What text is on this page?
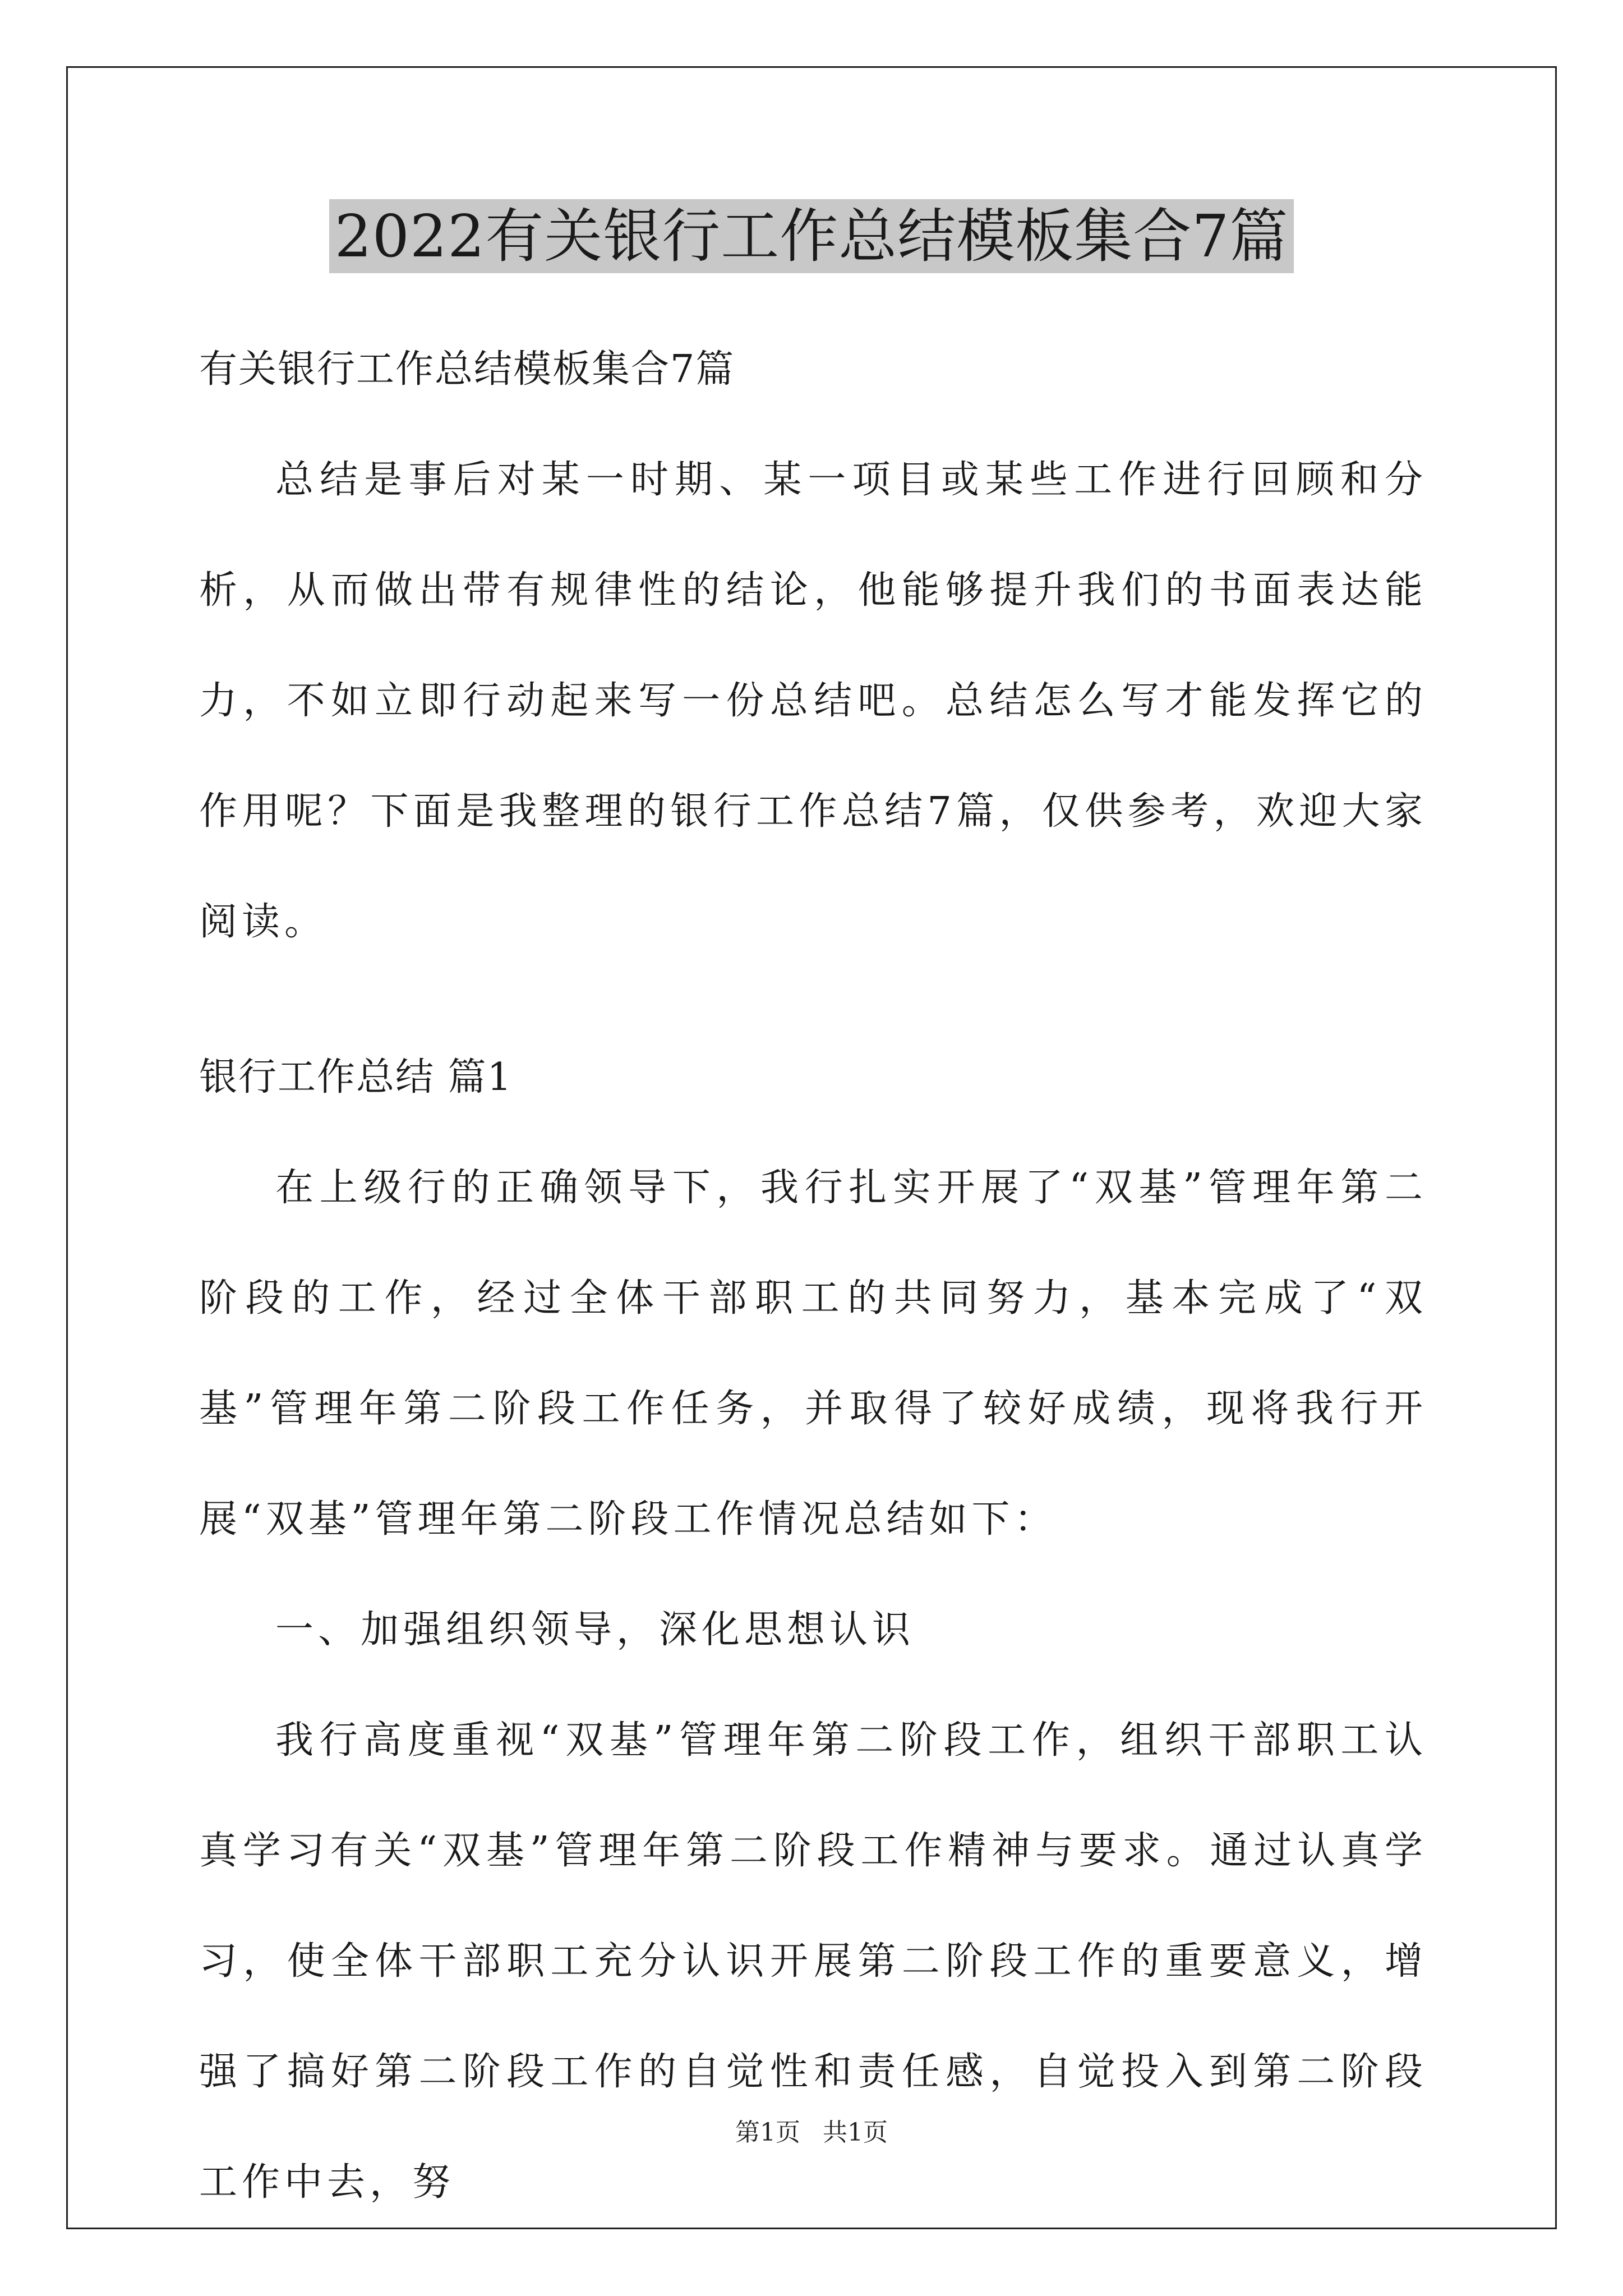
2022有关银行工作总结模板集合7篇
有关银行工作总结模板集合7篇
总结是事后对某一时期、某一项目或某些工作进行回顾和分析，从而做出带有规律性的结论，他能够提升我们的书面表达能力，不如立即行动起来写一份总结吧。总结怎么写才能发挥它的作用呢？下面是我整理的银行工作总结7篇，仅供参考，欢迎大家阅读。
银行工作总结 篇1
在上级行的正确领导下，我行扎实开展了“双基”管理年第二阶段的工作，经过全体干部职工的共同努力，基本完成了“双基”管理年第二阶段工作任务，并取得了较好成绩，现将我行开展“双基”管理年第二阶段工作情况总结如下：
一、加强组织领导，深化思想认识
我行高度重视“双基”管理年第二阶段工作，组织干部职工认真学习有关“双基”管理年第二阶段工作精神与要求。通过认真学习，使全体干部职工充分认识开展第二阶段工作的重要意义，增强了搞好第二阶段工作的自觉性和责任感，自觉投入到第二阶段工作中去，努
第1页 共1页
